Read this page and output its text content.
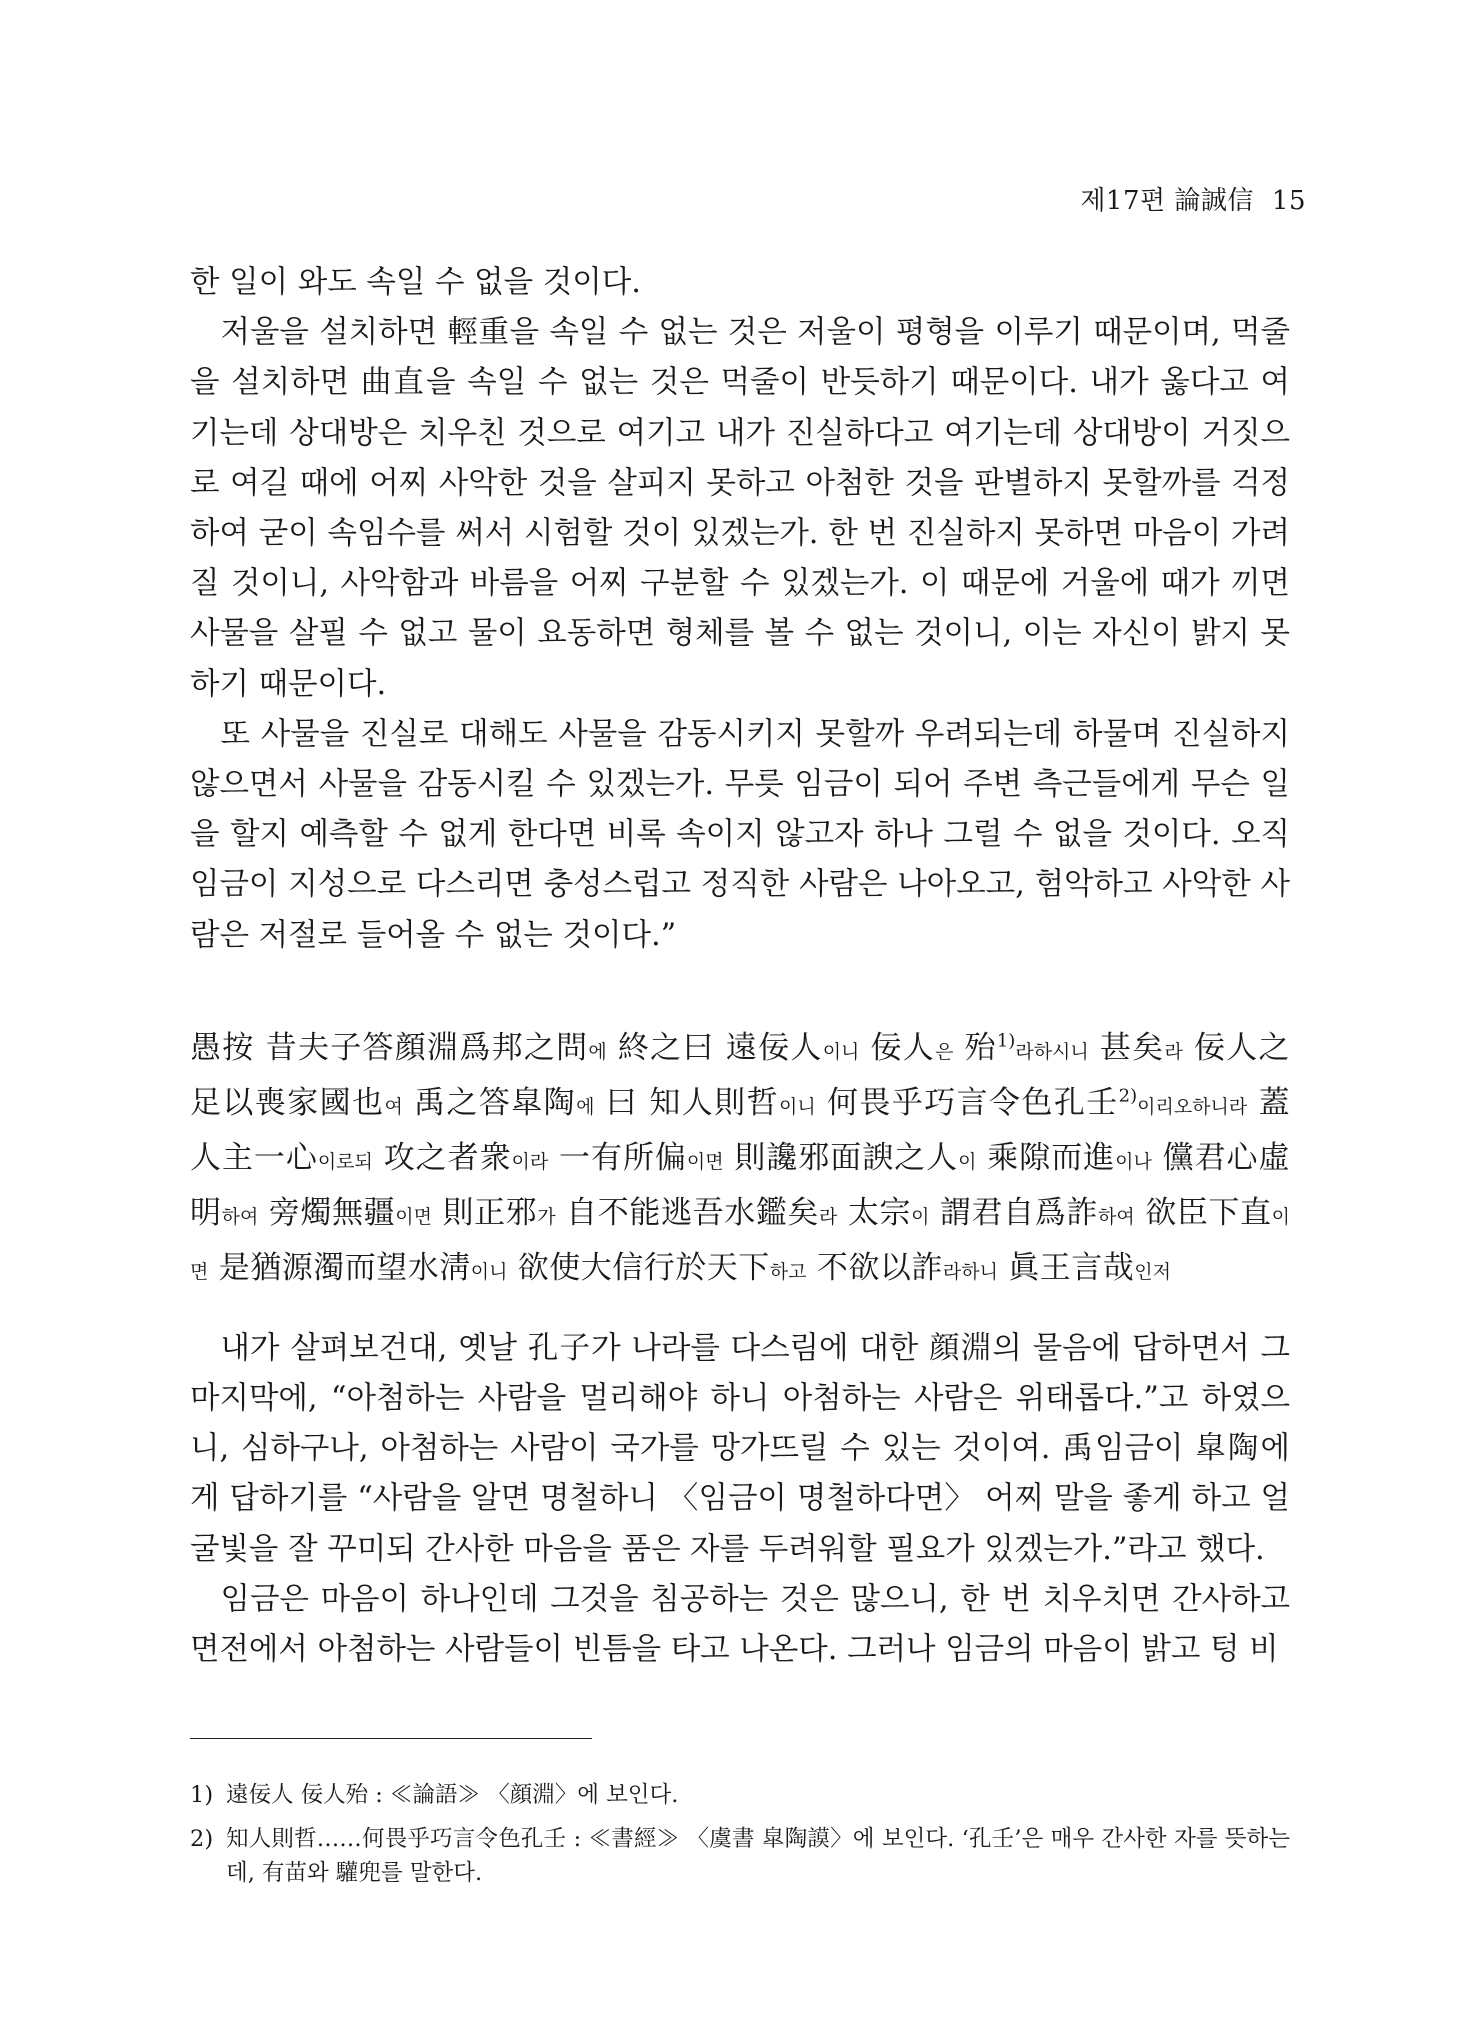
제17편 論誠信 15

한 일이 와도 속일 수 없을 것이다.

저울을 설치하면 輕重을 속일 수 없는 것은 저울이 평형을 이루기 때문이며, 먹줄을 설치하면 曲直을 속일 수 없는 것은 먹줄이 반듯하기 때문이다. 내가 옳다고 여기는데 상대방은 치우친 것으로 여기고 내가 진실하다고 여기는데 상대방이 거짓으로 여길 때에 어찌 사악한 것을 살피지 못하고 아첨한 것을 판별하지 못할까를 걱정하여 굳이 속임수를 써서 시험할 것이 있겠는가. 한 번 진실하지 못하면 마음이 가려질 것이니, 사악함과 바름을 어찌 구분할 수 있겠는가. 이 때문에 거울에 때가 끼면 사물을 살필 수 없고 물이 요동하면 형체를 볼 수 없는 것이니, 이는 자신이 밝지 못하기 때문이다.

또 사물을 진실로 대해도 사물을 감동시키지 못할까 우려되는데 하물며 진실하지 않으면서 사물을 감동시킬 수 있겠는가. 무릇 임금이 되어 주변 측근들에게 무슨 일을 할지 예측할 수 없게 한다면 비록 속이지 않고자 하나 그럴 수 없을 것이다. 오직 임금이 지성으로 다스리면 충성스럽고 정직한 사람은 나아오고, 험악하고 사악한 사람은 저절로 들어올 수 없는 것이다.”

愚按 昔夫子答顔淵爲邦之問에 終之曰 遠佞人이니 佞人은 殆$^{1)}$라하시니 甚矣라 佞人之足以喪家國也여 禹之答皐陶에 曰 知人則哲이니 何畏乎巧言令色孔壬$^{2)}$이리오하니라 蓋人主一心이로되 攻之者衆이라 一有所偏이면 則讒邪面諛之人이 乘隙而進이나 儻君心虛明하여 旁燭無疆이면 則正邪가 自不能逃吾水鑑矣라 太宗이 謂君自爲詐하여 欲臣下直이면 是猶源濁而望水淸이니 欲使大信行於天下하고 不欲以詐라하니 眞王言哉인저

내가 살펴보건대, 옛날 孔子가 나라를 다스림에 대한 顔淵의 물음에 답하면서 그 마지막에, “아첨하는 사람을 멀리해야 하니 아첨하는 사람은 위태롭다.”고 하였으니, 심하구나, 아첨하는 사람이 국가를 망가뜨릴 수 있는 것이여. 禹임금이 皐陶에게 답하기를 “사람을 알면 명철하니 〈임금이 명철하다면〉 어찌 말을 좋게 하고 얼굴빛을 잘 꾸미되 간사한 마음을 품은 자를 두려워할 필요가 있겠는가.”라고 했다.

임금은 마음이 하나인데 그것을 침공하는 것은 많으니, 한 번 치우치면 간사하고 면전에서 아첨하는 사람들이 빈틈을 타고 나온다. 그러나 임금의 마음이 밝고 텅 비

1) 遠佞人 佞人殆 : ≪論語≫ 〈顔淵〉에 보인다.
2) 知人則哲……何畏乎巧言令色孔壬 : ≪書經≫ 〈虞書 皐陶謨〉에 보인다. ‘孔壬’은 매우 간사한 자를 뜻하는데, 有苗와 驩兜를 말한다.
